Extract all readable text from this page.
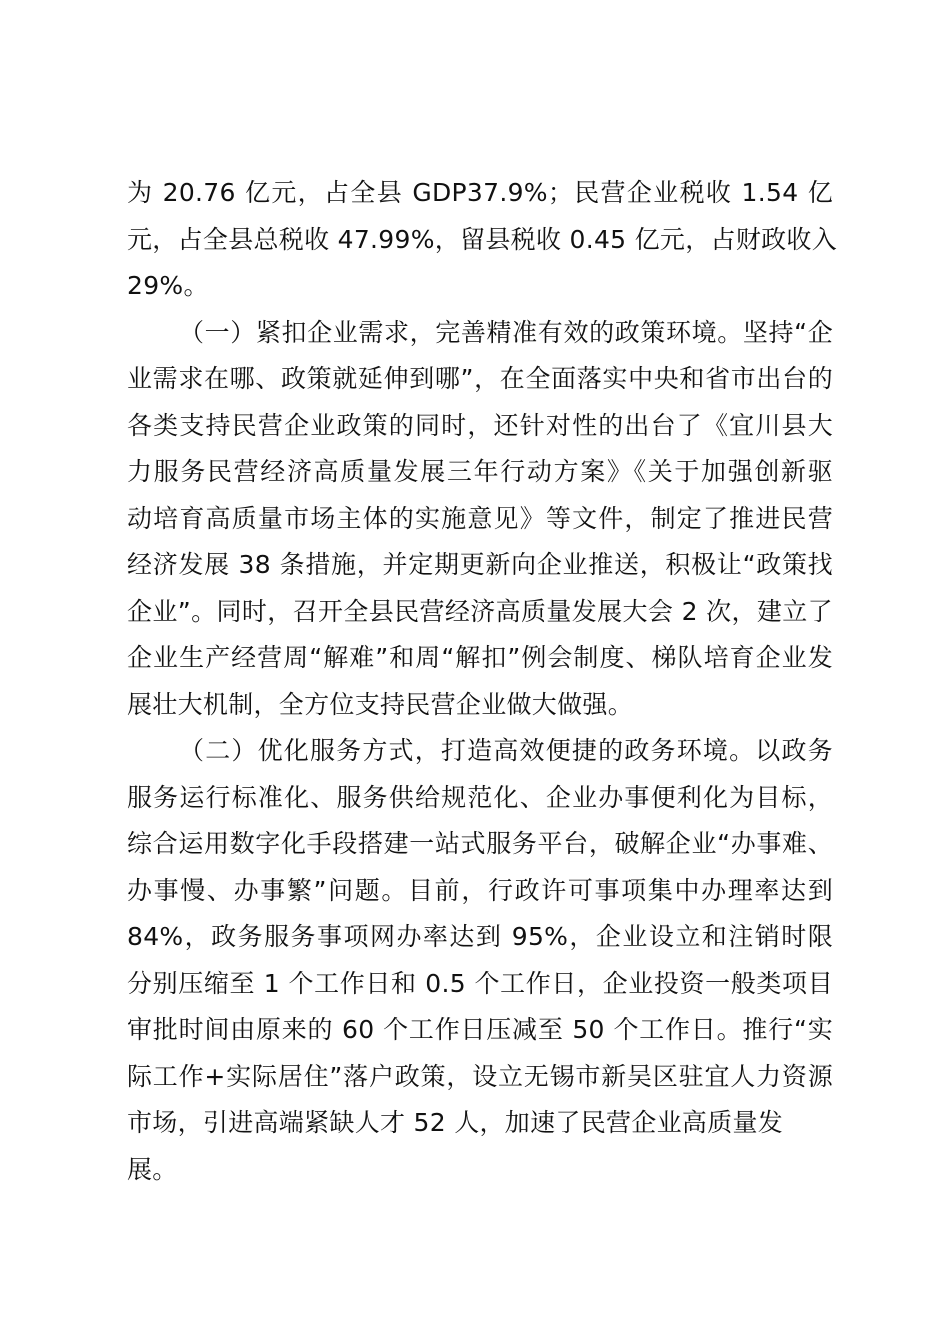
为 20.76 亿元，占全县 GDP37.9%；民营企业税收 1.54 亿
元，占全县总税收 47.99%，留县税收 0.45 亿元，占财政收入
29%。
（一）紧扣企业需求，完善精准有效的政策环境。坚持“企
业需求在哪、政策就延伸到哪”，在全面落实中央和省市出台的
各类支持民营企业政策的同时，还针对性的出台了《宜川县大
力服务民营经济高质量发展三年行动方案》《关于加强创新驱
动培育高质量市场主体的实施意见》等文件，制定了推进民营
经济发展 38 条措施，并定期更新向企业推送，积极让“政策找
企业”。同时，召开全县民营经济高质量发展大会 2 次，建立了
企业生产经营周“解难”和周“解扣”例会制度、梯队培育企业发
展壮大机制，全方位支持民营企业做大做强。
（二）优化服务方式，打造高效便捷的政务环境。以政务
服务运行标准化、服务供给规范化、企业办事便利化为目标，
综合运用数字化手段搭建一站式服务平台，破解企业“办事难、
办事慢、办事繁”问题。目前，行政许可事项集中办理率达到
84%，政务服务事项网办率达到 95%，企业设立和注销时限
分别压缩至 1 个工作日和 0.5 个工作日，企业投资一般类项目
审批时间由原来的 60 个工作日压减至 50 个工作日。推行“实
际工作+实际居住”落户政策，设立无锡市新吴区驻宜人力资源
市场，引进高端紧缺人才 52 人，加速了民营企业高质量发
展。
